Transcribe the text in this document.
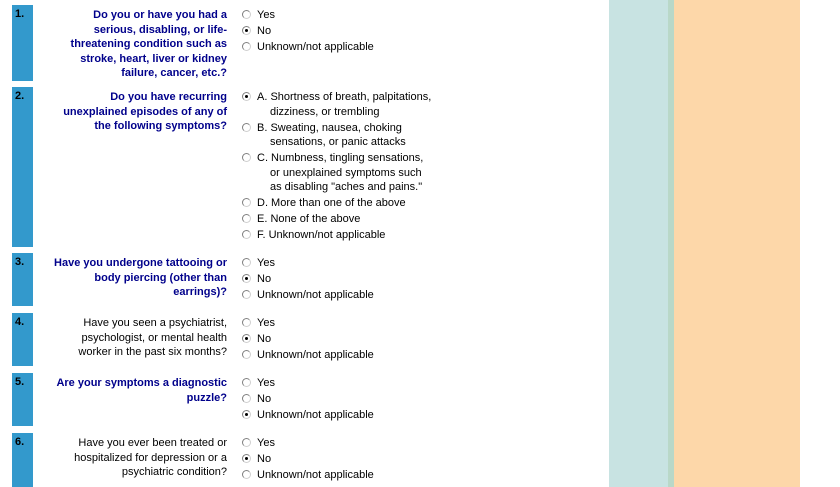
1.	Do you or have you had a
serious, disabling, or life-
threatening condition such as
stroke, heart, liver or kidney
failure, cancer, etc.?
Yes
No
Unknown/not applicable
2.	Do you have recurring
unexplained episodes of any of
the following symptoms?
A. Shortness of breath, palpitations,
dizziness, or trembling
B. Sweating, nausea, choking
sensations, or panic attacks
C. Numbness, tingling sensations,
or unexplained symptoms such
as disabling "aches and pains."
D. More than one of the above
E. None of the above
F. Unknown/not applicable
3.	Have you undergone tattooing or
body piercing (other than
earrings)?
Yes
No
Unknown/not applicable
4.	Have you seen a psychiatrist,
psychologist, or mental health
worker in the past six months?
Yes
No
Unknown/not applicable
5.	Are your symptoms a diagnostic
puzzle?
Yes
No
Unknown/not applicable
6.	Have you ever been treated or
hospitalized for depression or a
psychiatric condition?
Yes
No
Unknown/not applicable
